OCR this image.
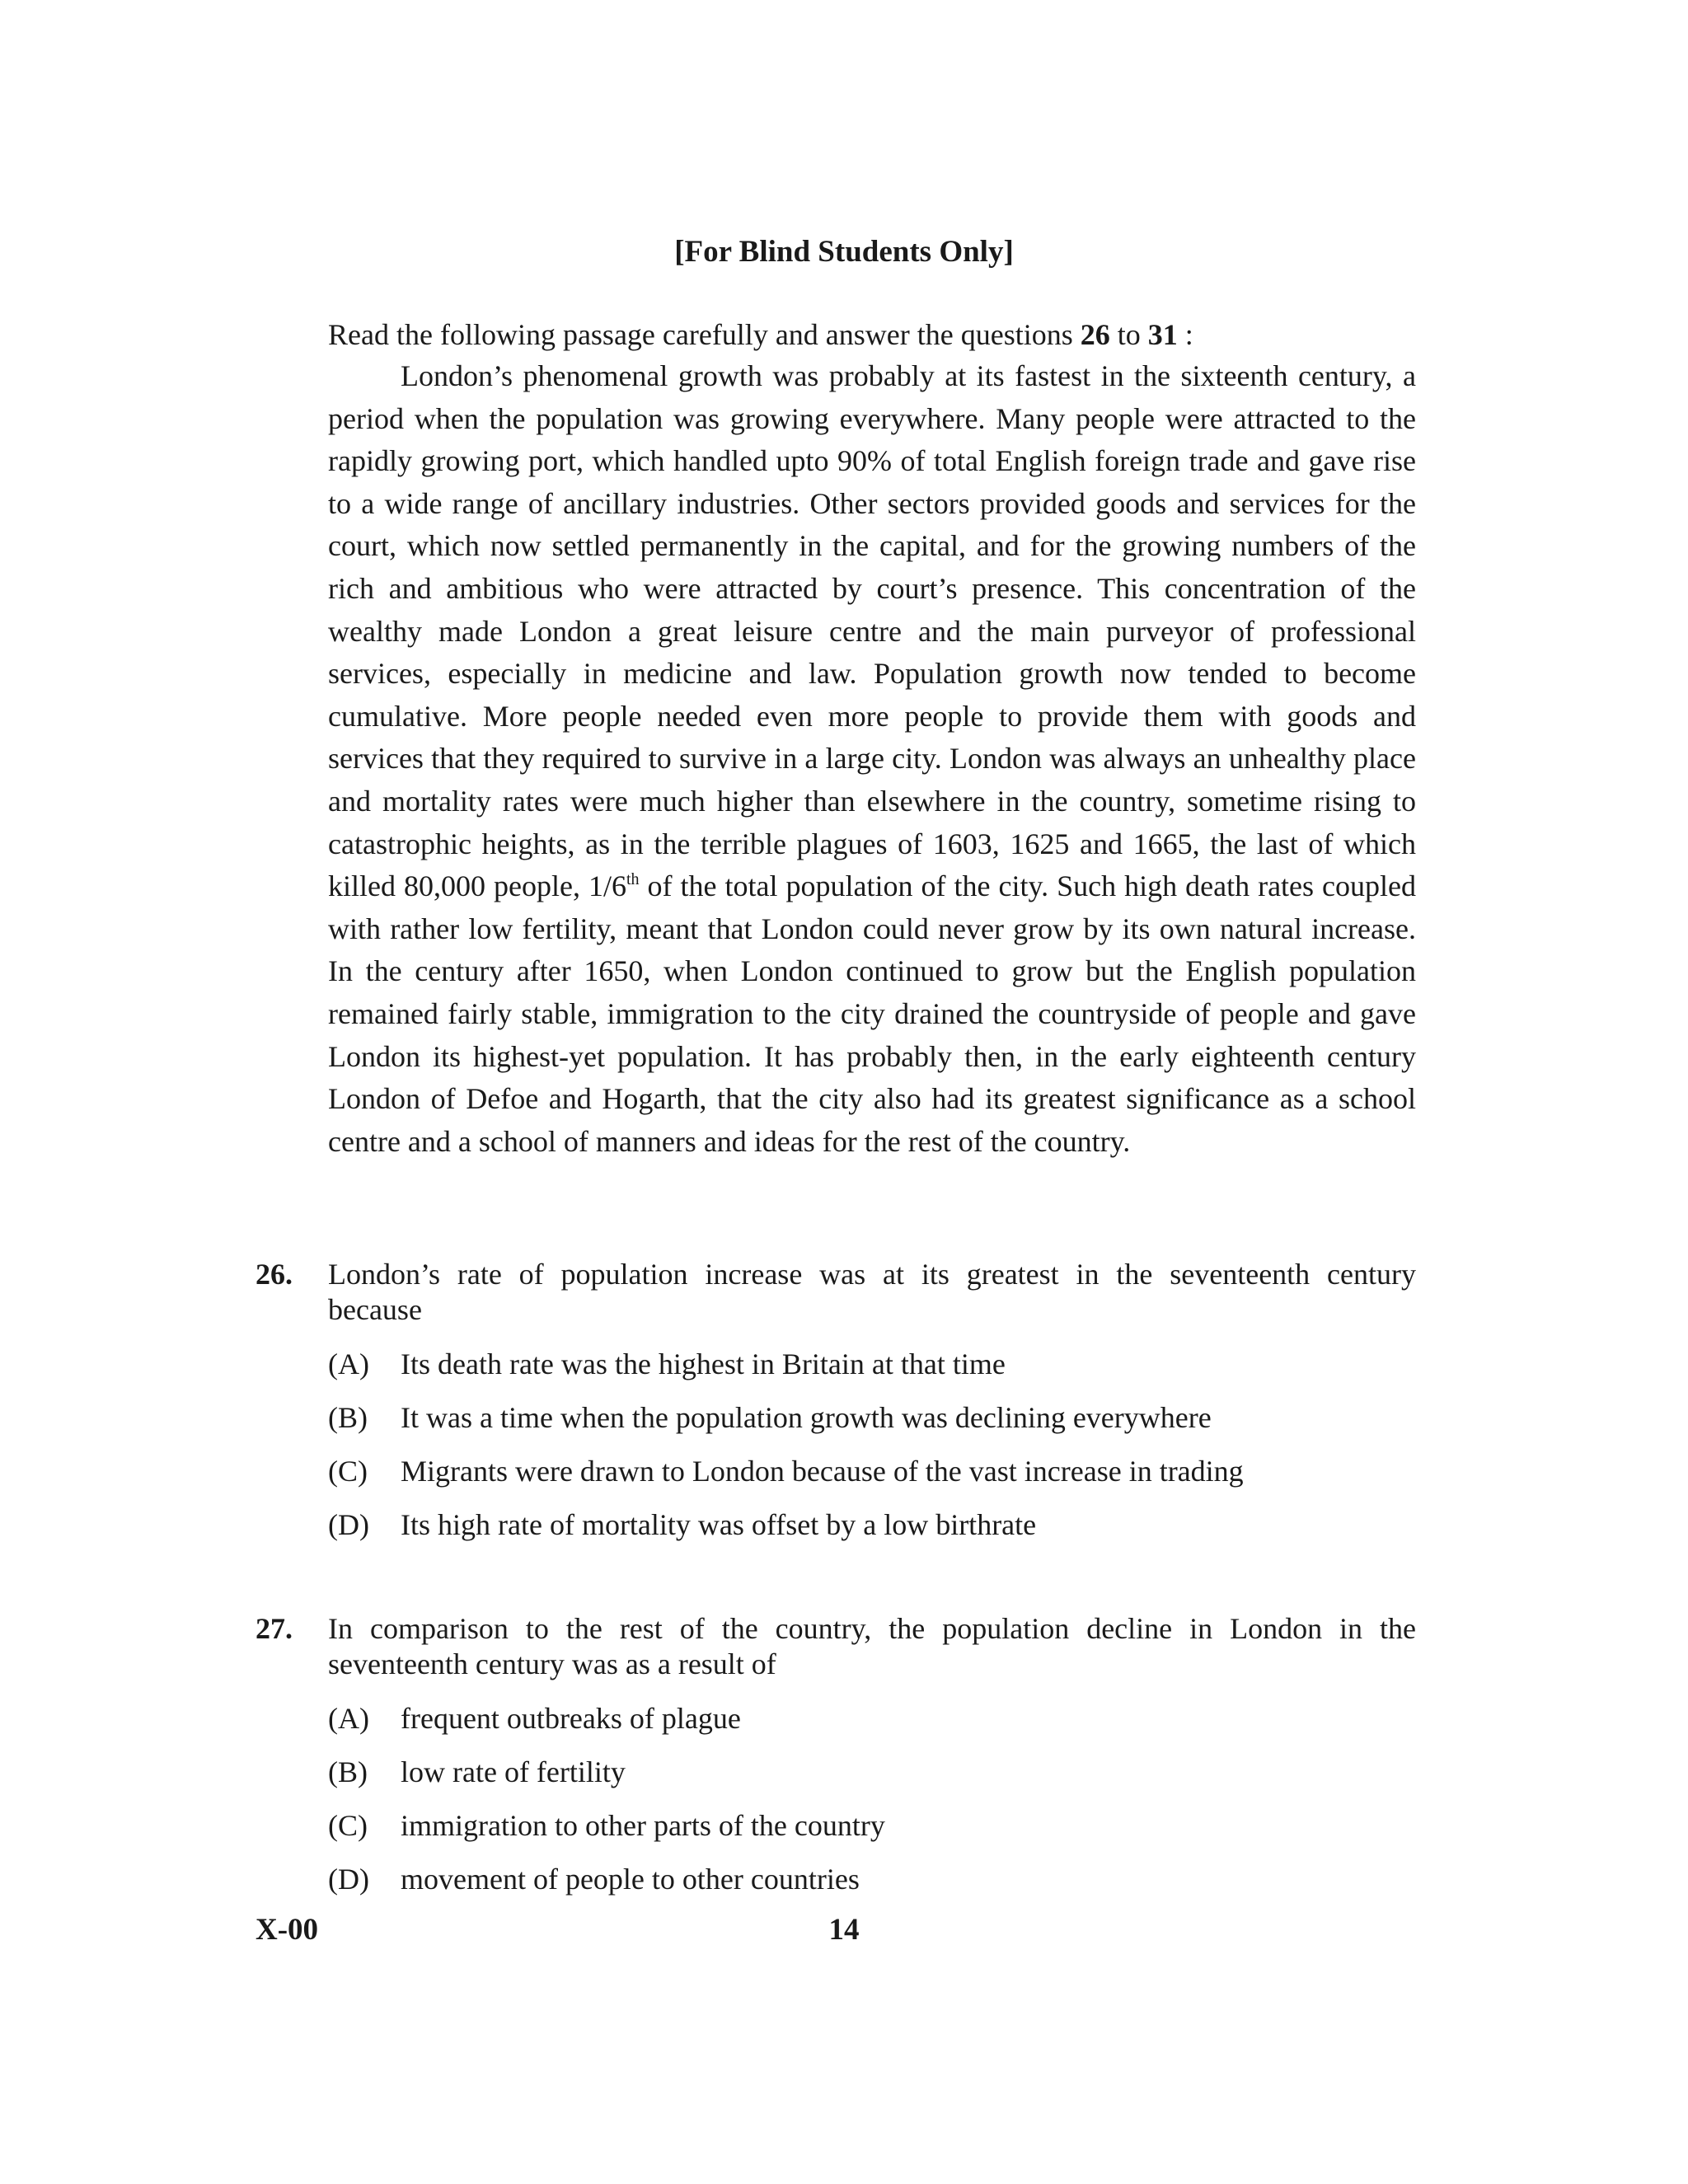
[For Blind Students Only]
Read the following passage carefully and answer the questions 26 to 31 :
London’s phenomenal growth was probably at its fastest in the sixteenth century, a period when the population was growing everywhere. Many people were attracted to the rapidly growing port, which handled upto 90% of total English foreign trade and gave rise to a wide range of ancillary industries. Other sectors provided goods and services for the court, which now settled permanently in the capital, and for the growing numbers of the rich and ambitious who were attracted by court’s presence. This concentration of the wealthy made London a great leisure centre and the main purveyor of professional services, especially in medicine and law. Population growth now tended to become cumulative. More people needed even more people to provide them with goods and services that they required to survive in a large city. London was always an unhealthy place and mortality rates were much higher than elsewhere in the country, sometime rising to catastrophic heights, as in the terrible plagues of 1603, 1625 and 1665, the last of which killed 80,000 people, 1/6th of the total population of the city. Such high death rates coupled with rather low fertility, meant that London could never grow by its own natural increase. In the century after 1650, when London continued to grow but the English population remained fairly stable, immigration to the city drained the countryside of people and gave London its highest-yet population. It has probably then, in the early eighteenth century London of Defoe and Hogarth, that the city also had its greatest significance as a school centre and a school of manners and ideas for the rest of the country.
26. London’s rate of population increase was at its greatest in the seventeenth century
because
(A) Its death rate was the highest in Britain at that time
(B) It was a time when the population growth was declining everywhere
(C) Migrants were drawn to London because of the vast increase in trading
(D) Its high rate of mortality was offset by a low birthrate
27. In comparison to the rest of the country, the population decline in London in the
seventeenth century was as a result of
(A) frequent outbreaks of plague
(B) low rate of fertility
(C) immigration to other parts of the country
(D) movement of people to other countries
X-00	14
